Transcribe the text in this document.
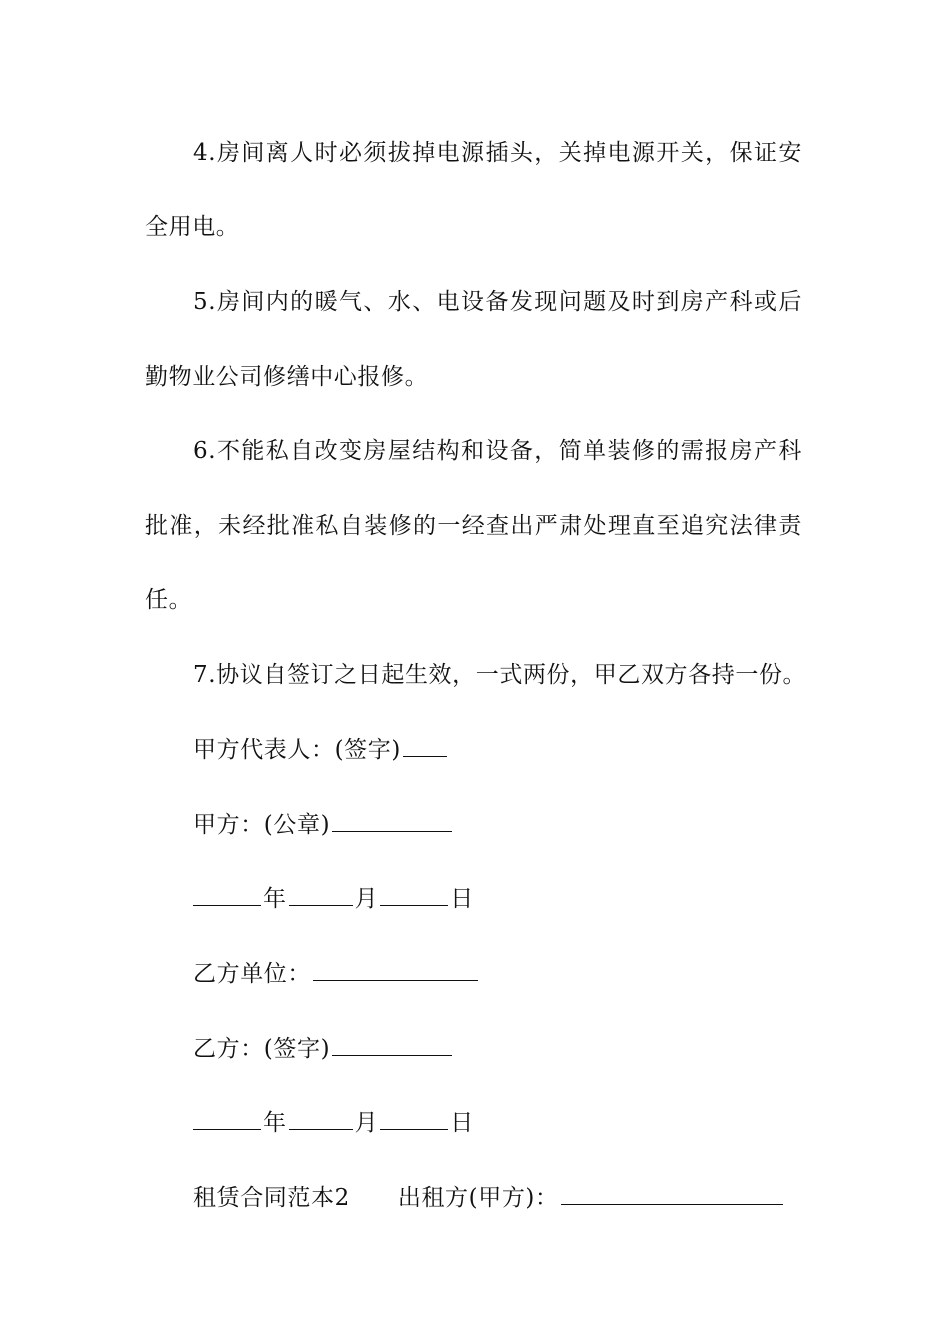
4.房间离人时必须拔掉电源插头，关掉电源开关，保证安
全用电。
5.房间内的暖气、水、电设备发现问题及时到房产科或后
勤物业公司修缮中心报修。
6.不能私自改变房屋结构和设备，简单装修的需报房产科
批准，未经批准私自装修的一经查出严肃处理直至追究法律责
任。
7.协议自签订之日起生效，一式两份，甲乙双方各持一份。
甲方代表人：(签字)
甲方：(公章)
年	月	日
乙方单位：
乙方：(签字)
年	月	日
租赁合同范本2 出租方(甲方)：
